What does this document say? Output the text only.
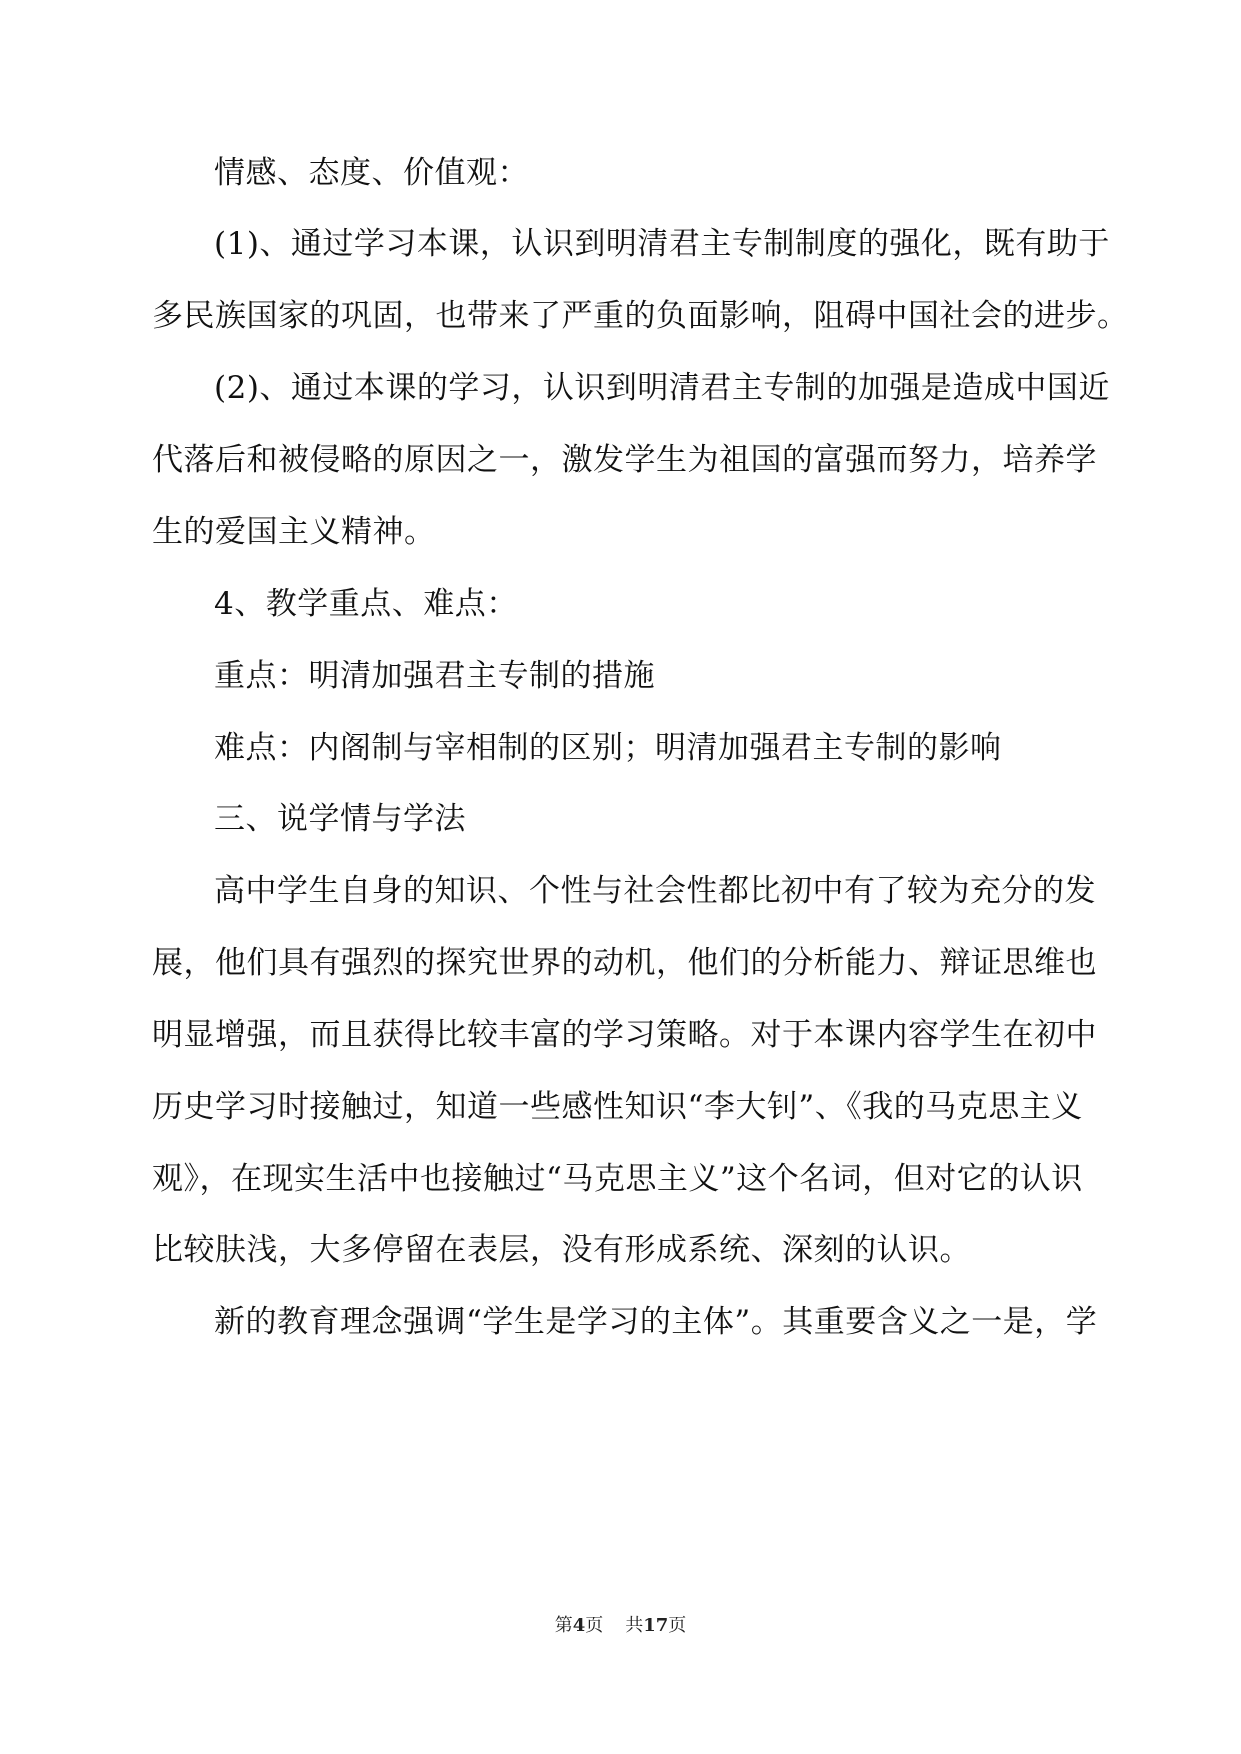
情感、态度、价值观：
(1)、通过学习本课，认识到明清君主专制制度的强化，既有助于
多民族国家的巩固，也带来了严重的负面影响，阻碍中国社会的进步。
(2)、通过本课的学习，认识到明清君主专制的加强是造成中国近
代落后和被侵略的原因之一，激发学生为祖国的富强而努力，培养学
生的爱国主义精神。
4、教学重点、难点：
重点：明清加强君主专制的措施
难点：内阁制与宰相制的区别；明清加强君主专制的影响
三、说学情与学法
高中学生自身的知识、个性与社会性都比初中有了较为充分的发
展，他们具有强烈的探究世界的动机，他们的分析能力、辩证思维也
明显增强，而且获得比较丰富的学习策略。对于本课内容学生在初中
历史学习时接触过，知道一些感性知识“李大钊”、《我的马克思主义
观》，在现实生活中也接触过“马克思主义”这个名词，但对它的认识
比较肤浅，大多停留在表层，没有形成系统、深刻的认识。
新的教育理念强调“学生是学习的主体”。其重要含义之一是，学
第4页 共17页
